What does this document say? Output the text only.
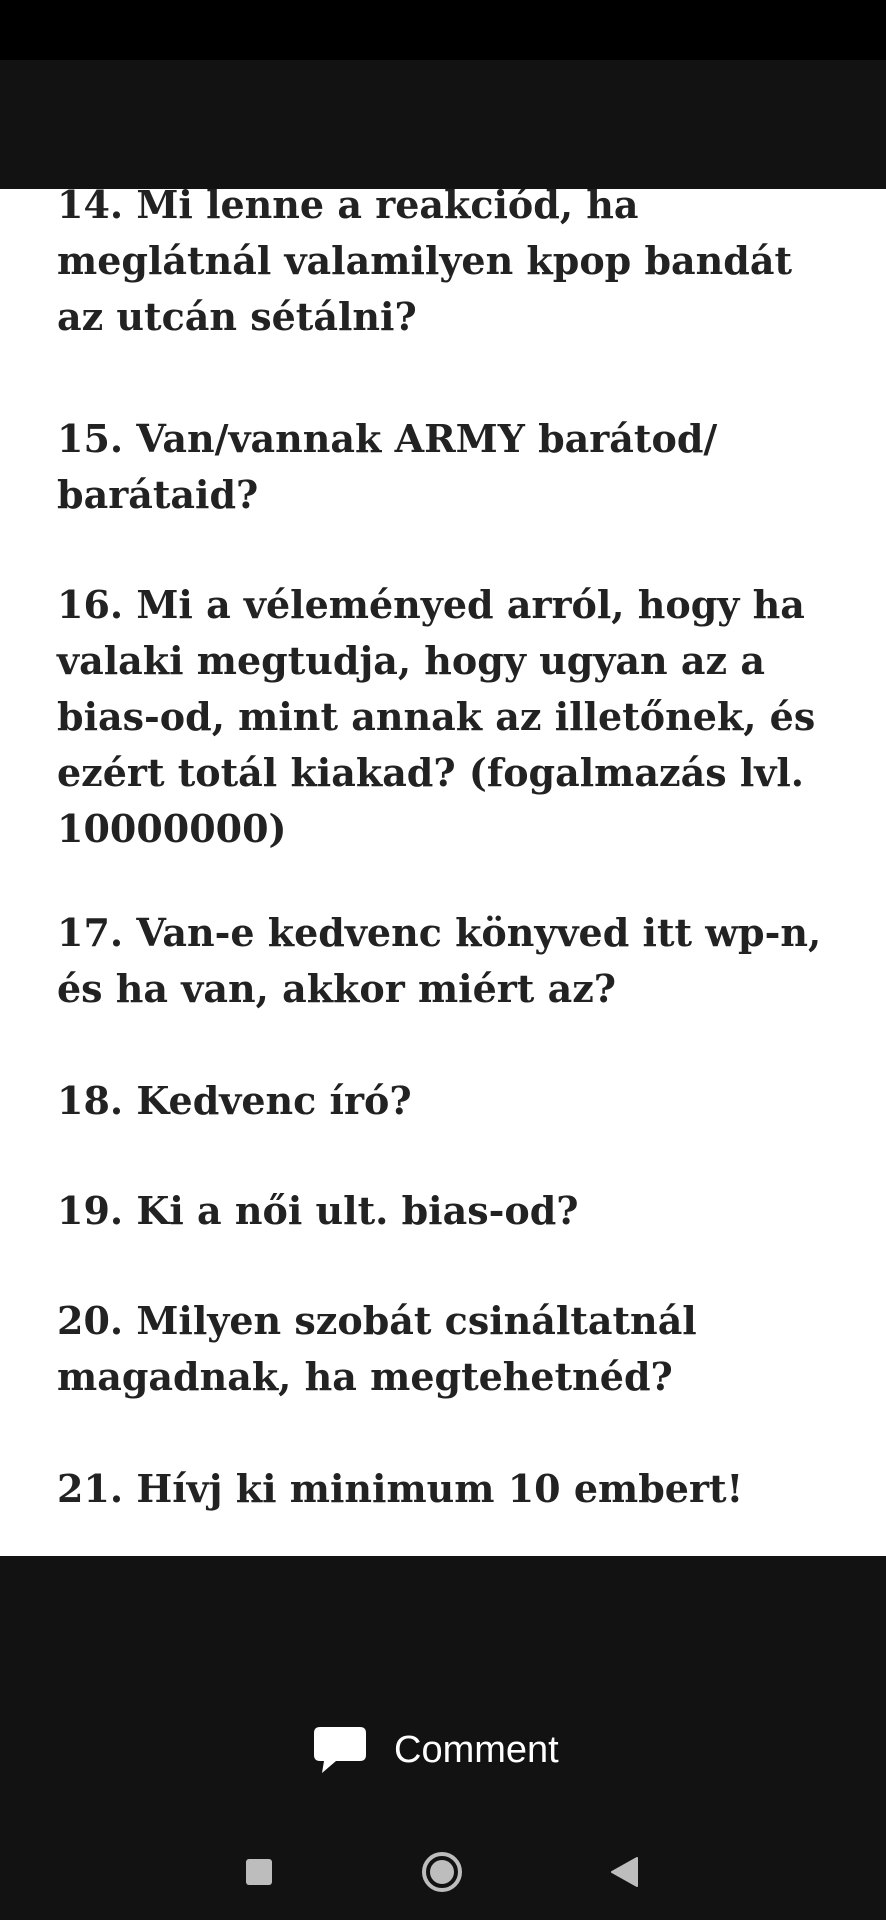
14. Mi lenne a reakciód, ha meglátnál valamilyen kpop bandát az utcán sétálni?

15. Van/vannak ARMY barátod/ barátaid?

16. Mi a véleményed arról, hogy ha valaki megtudja, hogy ugyan az a bias-od, mint annak az illetőnek, és ezért totál kiakad? (fogalmazás lvl. 10000000)

17. Van-e kedvenc könyved itt wp-n, és ha van, akkor miért az?

18. Kedvenc író?

19. Ki a női ult. bias-od?

20. Milyen szobát csináltatnál magadnak, ha megtehetnéd?

21. Hívj ki minimum 10 embert!

Comment
